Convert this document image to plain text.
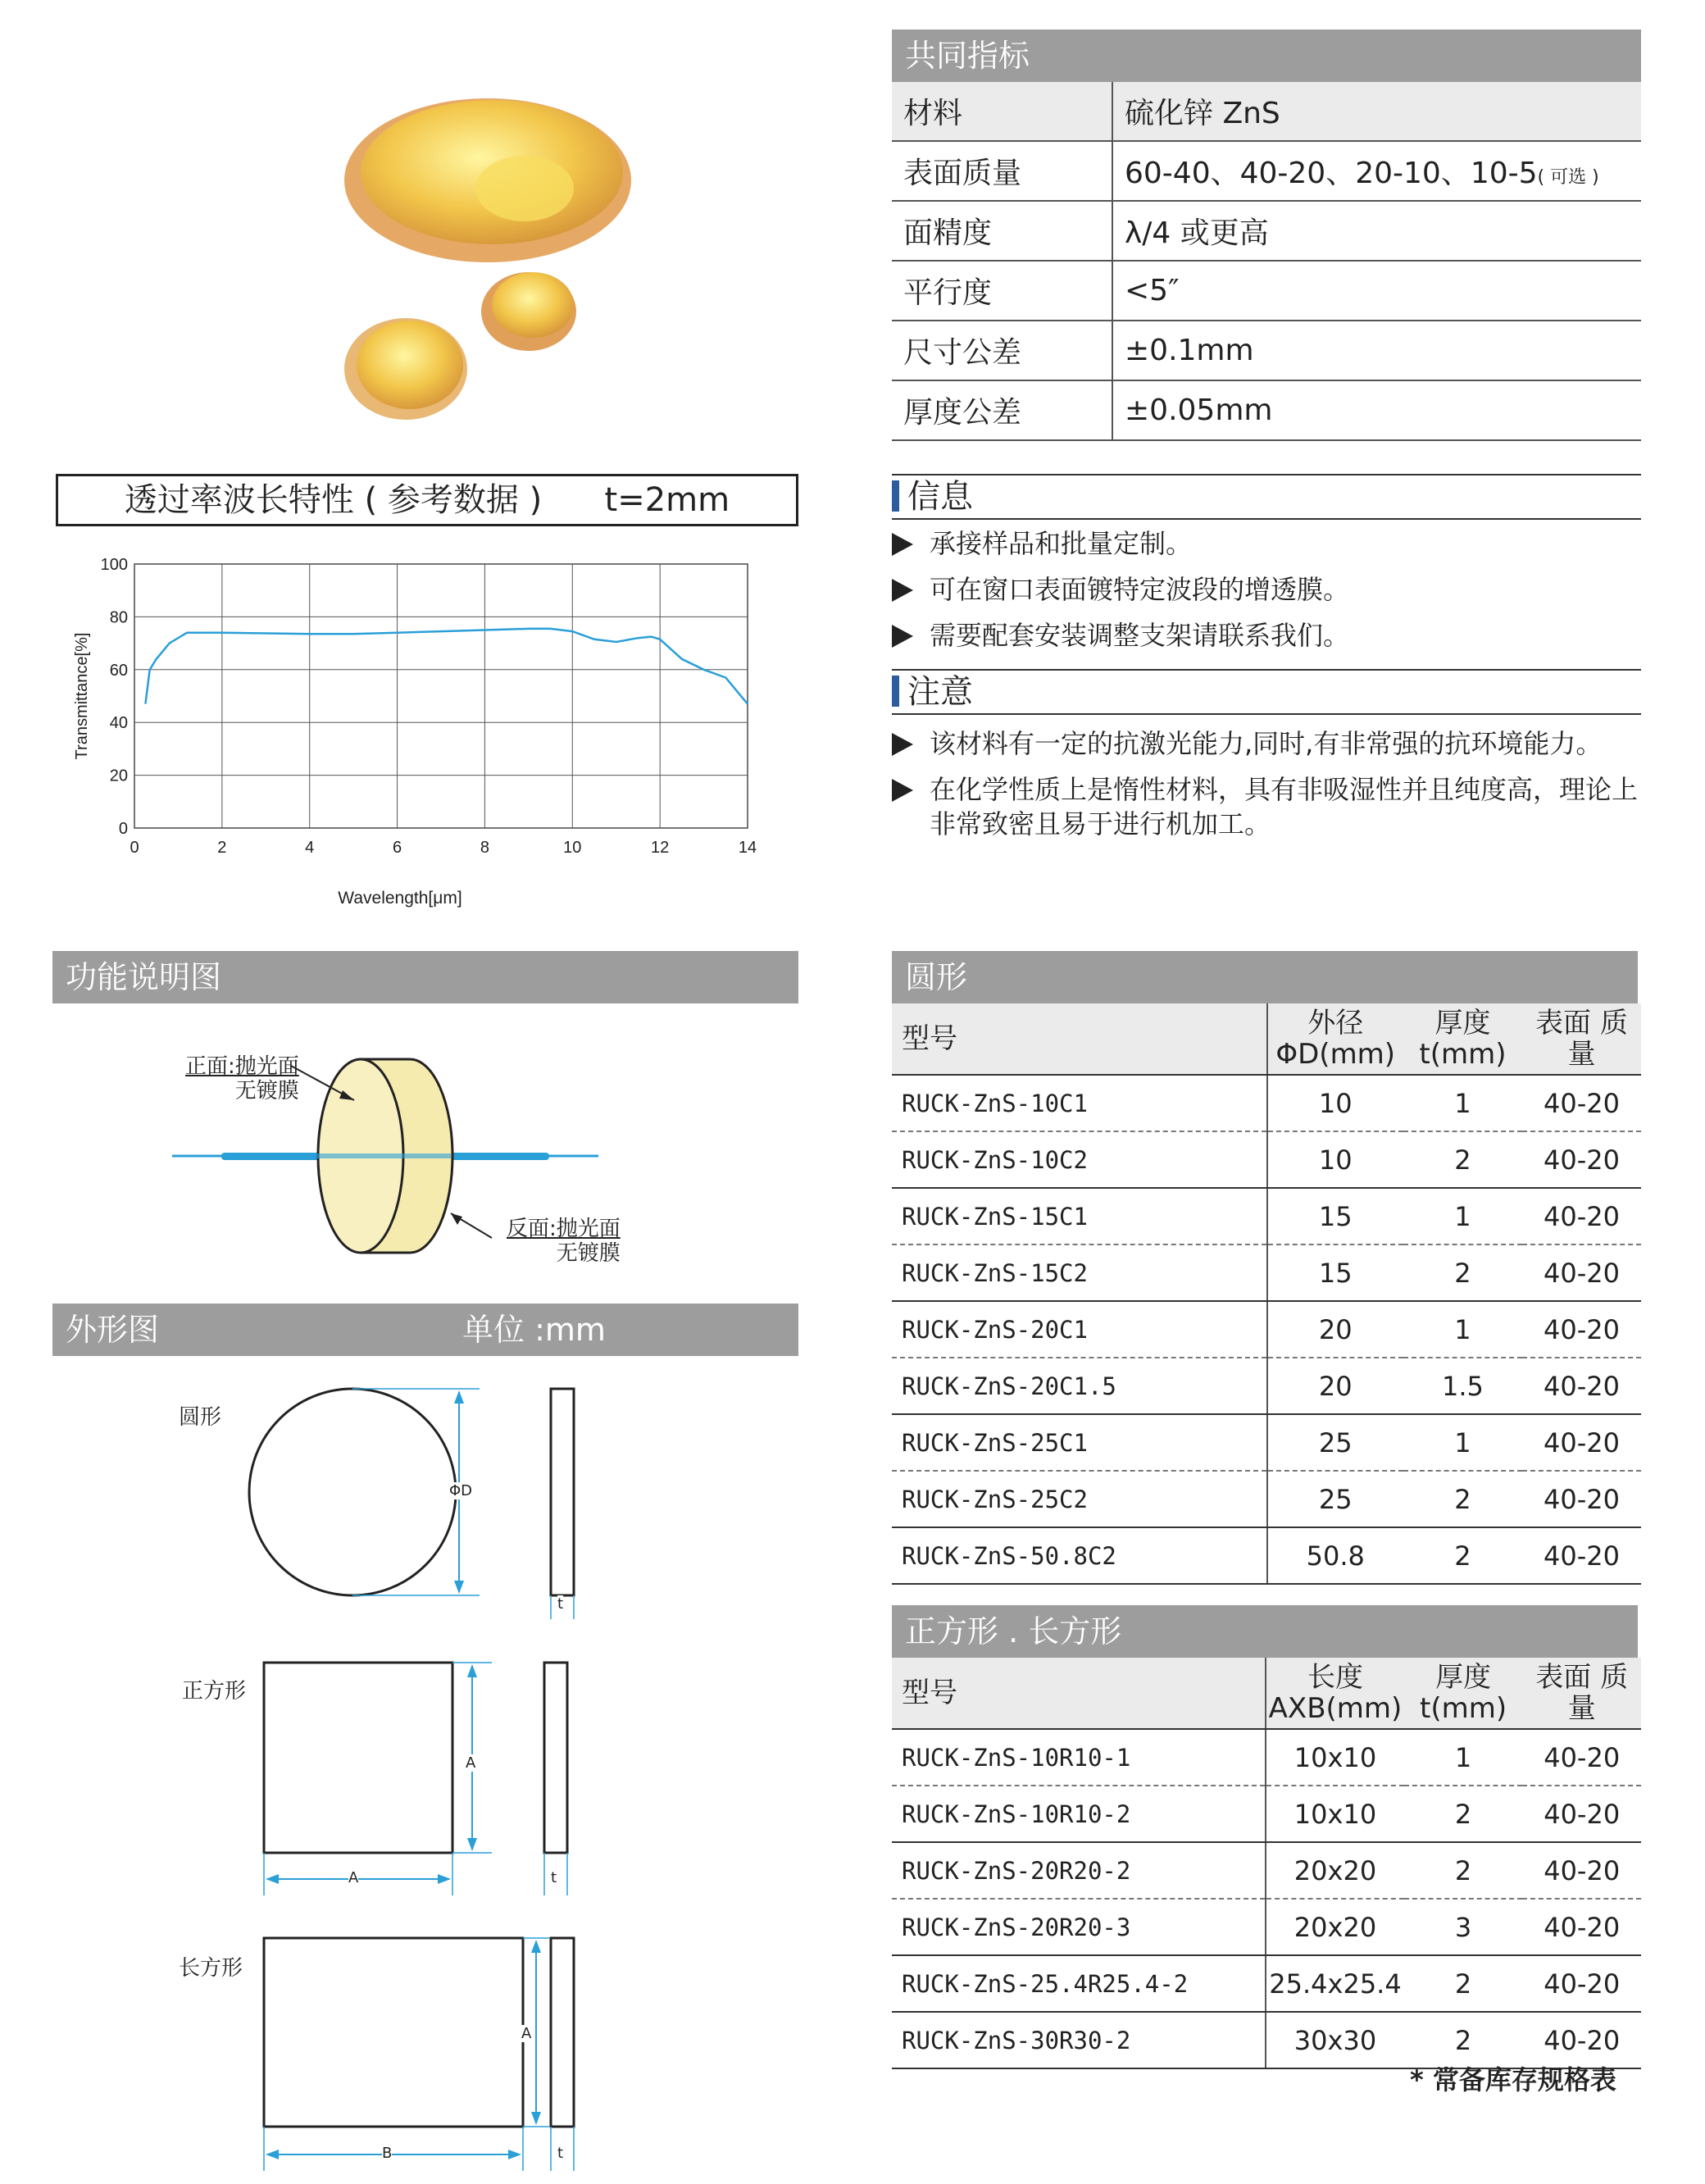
共同指标
材料	硫化锌 ZnS
表面质量	60-40、40-20、20-10、10-5( 可选 )
面精度	λ/4 或更高
平行度	<5″
尺寸公差	±0.1mm
厚度公差	±0.05mm
信息
承接样品和批量定制。
可在窗口表面镀特定波段的增透膜。
需要配套安装调整支架请联系我们。
注意
该材料有一定的抗激光能力,同时,有非常强的抗环境能力。
在化学性质上是惰性材料，具有非吸湿性并且纯度高，理论上非常致密且易于进行机加工。
透过率波长特性 ( 参考数据 )      t=2mm
0	2	4	6	8	10	12	14
0
20
40
60
80
100
Wavelength[μm]
Transmittance[%]
功能说明图
正面:抛光面
无镀膜
反面:抛光面
无镀膜
外形图	单位 :mm
圆形
ΦD
t
正方形
A
A	t
长方形
A
B	t
圆形
型号	外径 ΦD(mm)	厚度 t(mm)	表面 质量
RUCK-ZnS-10C1	10	1	40-20
RUCK-ZnS-10C2	10	2	40-20
RUCK-ZnS-15C1	15	1	40-20
RUCK-ZnS-15C2	15	2	40-20
RUCK-ZnS-20C1	20	1	40-20
RUCK-ZnS-20C1.5	20	1.5	40-20
RUCK-ZnS-25C1	25	1	40-20
RUCK-ZnS-25C2	25	2	40-20
RUCK-ZnS-50.8C2	50.8	2	40-20
正方形 . 长方形
型号	长度 AXB(mm)	厚度 t(mm)	表面 质量
RUCK-ZnS-10R10-1	10x10	1	40-20
RUCK-ZnS-10R10-2	10x10	2	40-20
RUCK-ZnS-20R20-2	20x20	2	40-20
RUCK-ZnS-20R20-3	20x20	3	40-20
RUCK-ZnS-25.4R25.4-2	25.4x25.4	2	40-20
RUCK-ZnS-30R30-2	30x30	2	40-20
* 常备库存规格表
